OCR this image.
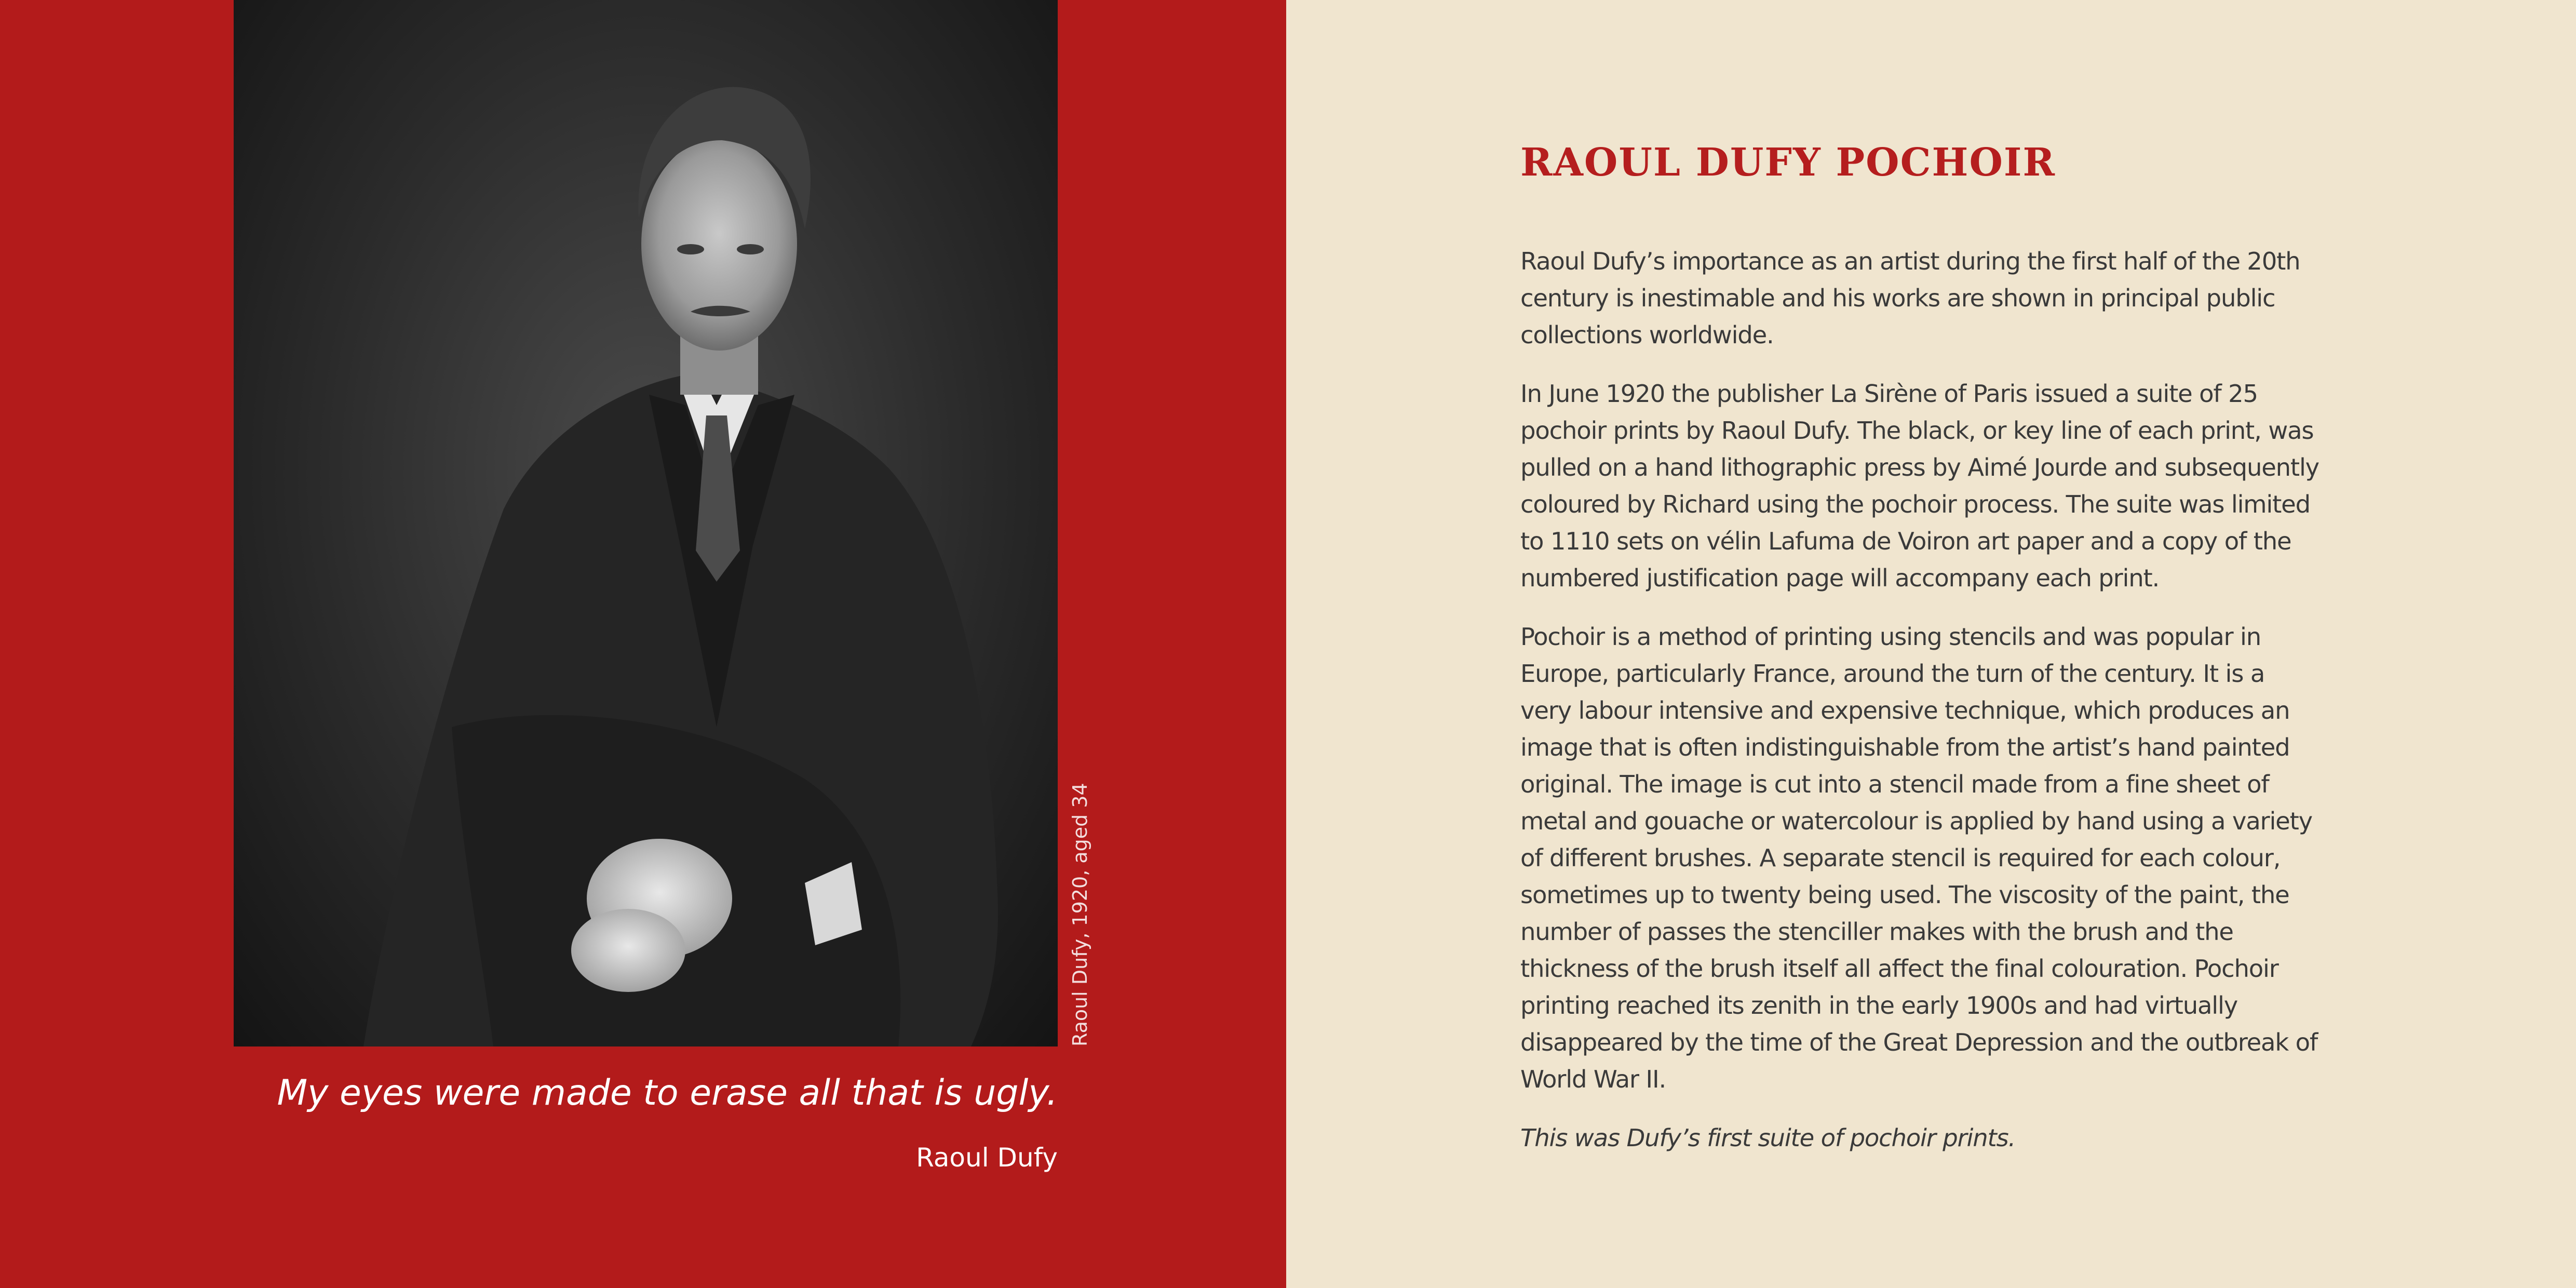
Raoul Dufy, 1920, aged 34
My eyes were made to erase all that is ugly.
Raoul Dufy
RAOUL DUFY POCHOIR

Raoul Dufy’s importance as an artist during the first half of the 20th century is inestimable and his works are shown in principal public collections worldwide.

In June 1920 the publisher La Sirène of Paris issued a suite of 25 pochoir prints by Raoul Dufy. The black, or key line of each print, was pulled on a hand lithographic press by Aimé Jourde and subsequently coloured by Richard using the pochoir process. The suite was limited to 1110 sets on vélin Lafuma de Voiron art paper and a copy of the numbered justification page will accompany each print.

Pochoir is a method of printing using stencils and was popular in Europe, particularly France, around the turn of the century. It is a very labour intensive and expensive technique, which produces an image that is often indistinguishable from the artist’s hand painted original. The image is cut into a stencil made from a fine sheet of metal and gouache or watercolour is applied by hand using a variety of different brushes. A separate stencil is required for each colour, sometimes up to twenty being used. The viscosity of the paint, the number of passes the stenciller makes with the brush and the thickness of the brush itself all affect the final colouration. Pochoir printing reached its zenith in the early 1900s and had virtually disappeared by the time of the Great Depression and the outbreak of World War II.

This was Dufy’s first suite of pochoir prints.
